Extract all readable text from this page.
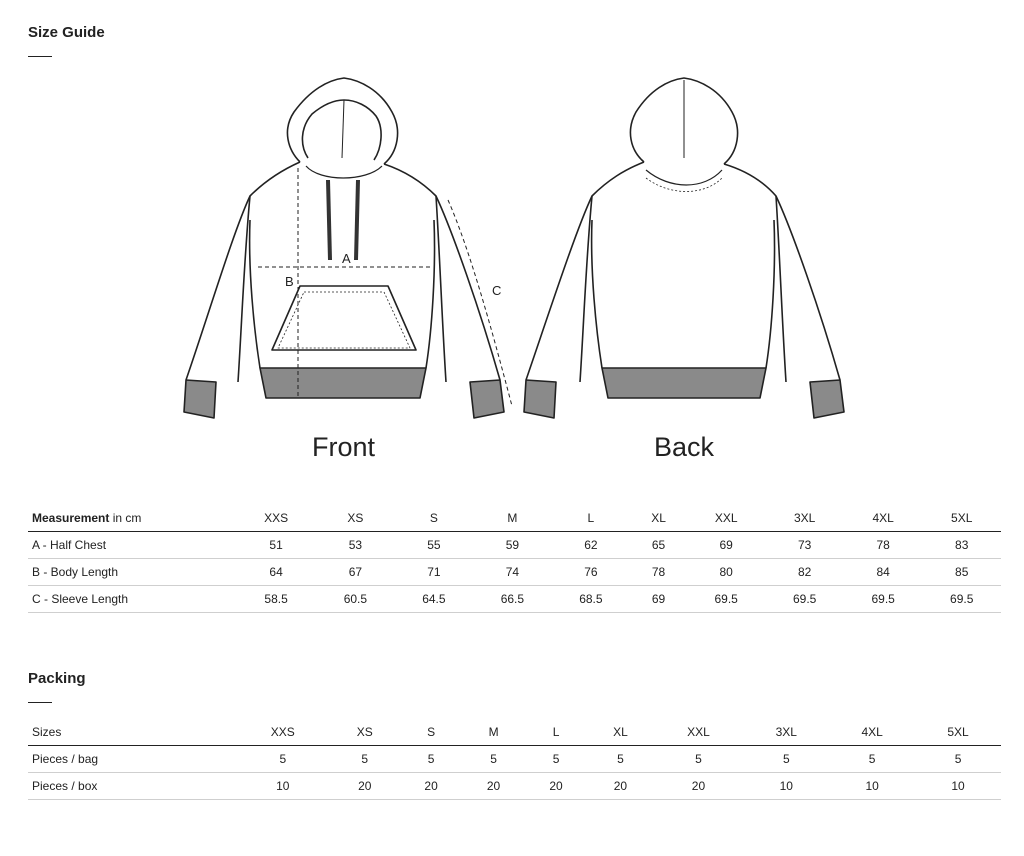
Size Guide
A
B
C
Front	Back
Measurement in cm	XXS	XS	S	M	L	XL	XXL	3XL	4XL	5XL
A - Half Chest	51	53	55	59	62	65	69	73	78	83
B - Body Length	64	67	71	74	76	78	80	82	84	85
C - Sleeve Length	58.5	60.5	64.5	66.5	68.5	69	69.5	69.5	69.5	69.5
Packing
Sizes	XXS	XS	S	M	L	XL	XXL	3XL	4XL	5XL
Pieces / bag	5	5	5	5	5	5	5	5	5	5
Pieces / box	10	20	20	20	20	20	20	10	10	10
